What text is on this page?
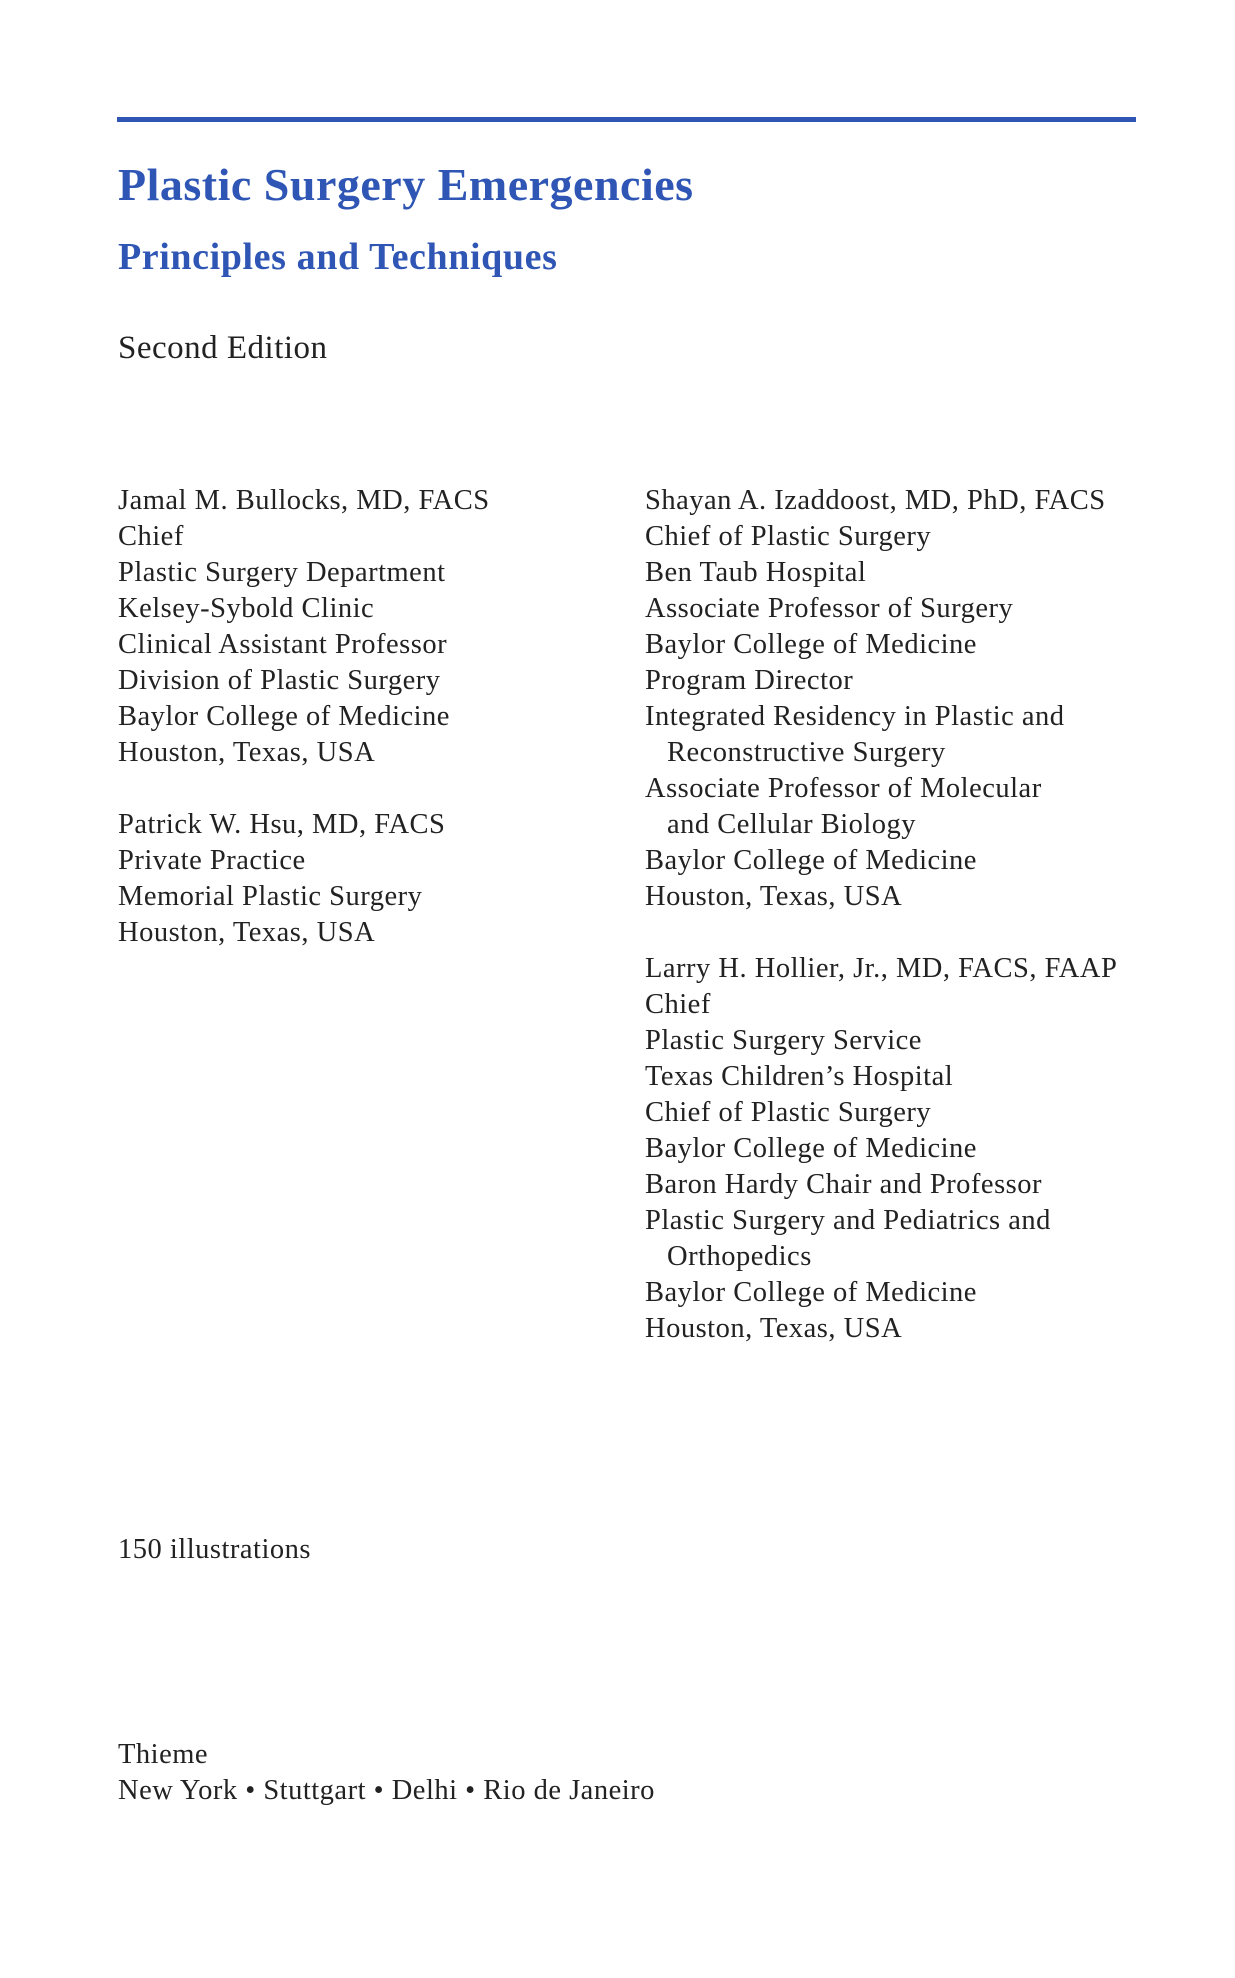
Plastic Surgery Emergencies
Principles and Techniques

Second Edition

Jamal M. Bullocks, MD, FACS
Chief
Plastic Surgery Department
Kelsey-Sybold Clinic
Clinical Assistant Professor
Division of Plastic Surgery
Baylor College of Medicine
Houston, Texas, USA
Patrick W. Hsu, MD, FACS
Private Practice
Memorial Plastic Surgery
Houston, Texas, USA
Shayan A. Izaddoost, MD, PhD, FACS
Chief of Plastic Surgery
Ben Taub Hospital
Associate Professor of Surgery
Baylor College of Medicine
Program Director
Integrated Residency in Plastic and
Reconstructive Surgery
Associate Professor of Molecular
and Cellular Biology
Baylor College of Medicine
Houston, Texas, USA
Larry H. Hollier, Jr., MD, FACS, FAAP
Chief
Plastic Surgery Service
Texas Children’s Hospital
Chief of Plastic Surgery
Baylor College of Medicine
Baron Hardy Chair and Professor
Plastic Surgery and Pediatrics and
Orthopedics
Baylor College of Medicine
Houston, Texas, USA
150 illustrations
Thieme
New York • Stuttgart • Delhi • Rio de Janeiro
